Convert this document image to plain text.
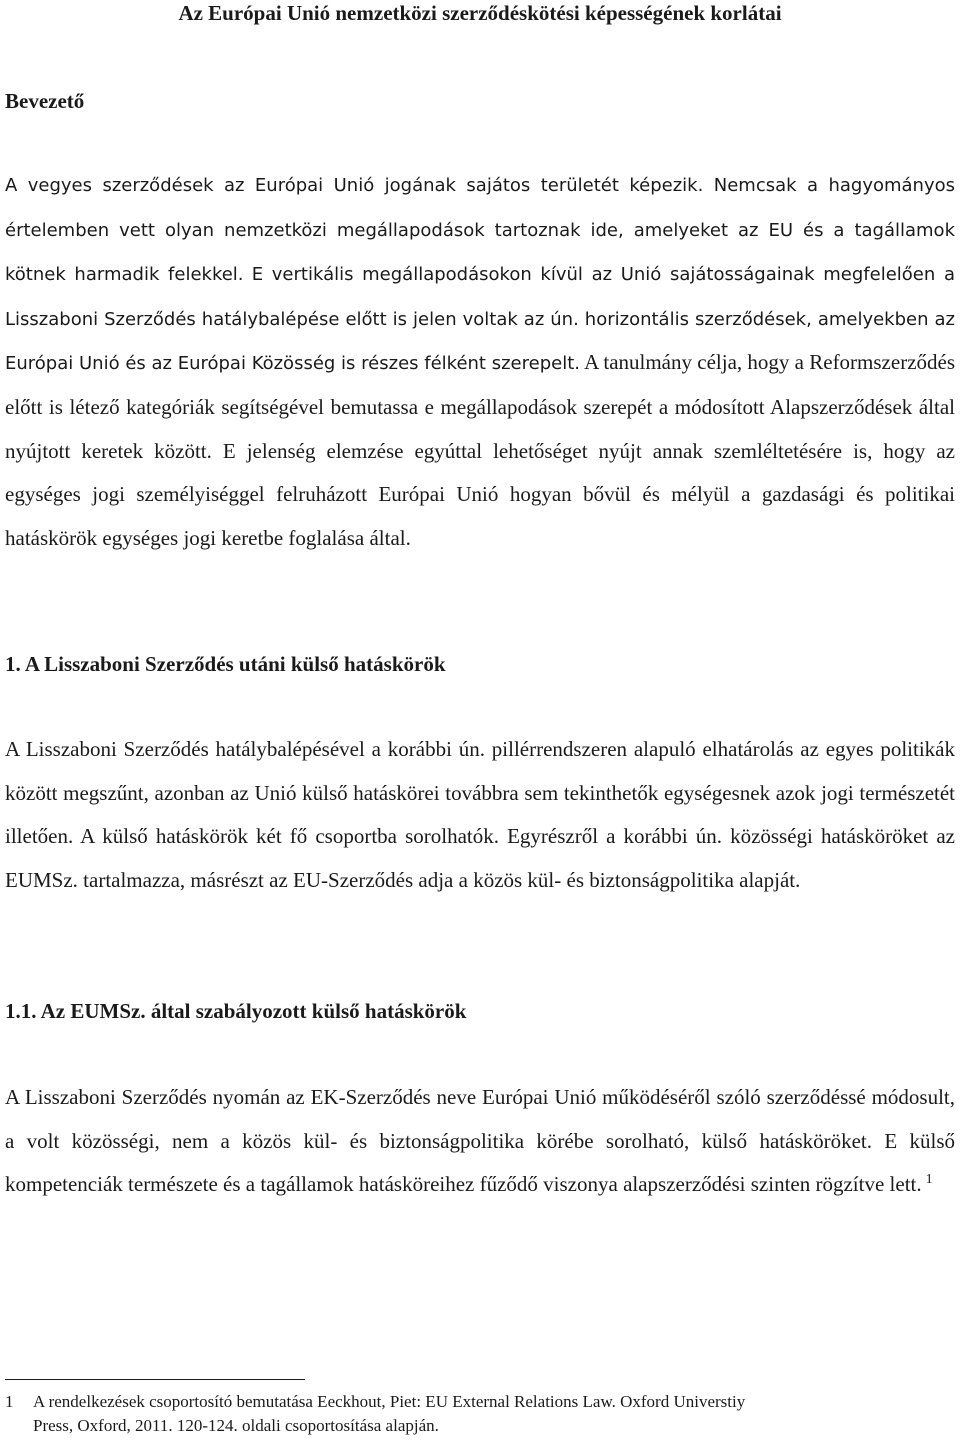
Az Európai Unió nemzetközi szerződéskötési képességének korlátai
Bevezető

A vegyes szerződések az Európai Unió jogának sajátos területét képezik. Nemcsak a hagyományos értelemben vett olyan nemzetközi megállapodások tartoznak ide, amelyeket az EU és a tagállamok kötnek harmadik felekkel. E vertikális megállapodásokon kívül az Unió sajátosságainak megfelelően a Lisszaboni Szerződés hatálybalépése előtt is jelen voltak az ún. horizontális szerződések, amelyekben az Európai Unió és az Európai Közösség is részes félként szerepelt. A tanulmány célja, hogy a Reformszerződés előtt is létező kategóriák segítségével bemutassa e megállapodások szerepét a módosított Alapszerződések által nyújtott keretek között. E jelenség elemzése egyúttal lehetőséget nyújt annak szemléltetésére is, hogy az egységes jogi személyiséggel felruházott Európai Unió hogyan bővül és mélyül a gazdasági és politikai hatáskörök egységes jogi keretbe foglalása által.

1. A Lisszaboni Szerződés utáni külső hatáskörök

A Lisszaboni Szerződés hatálybalépésével a korábbi ún. pillérrendszeren alapuló elhatárolás az egyes politikák között megszűnt, azonban az Unió külső hatáskörei továbbra sem tekinthetők egységesnek azok jogi természetét illetően. A külső hatáskörök két fő csoportba sorolhatók. Egyrészről a korábbi ún. közösségi hatásköröket az EUMSz. tartalmazza, másrészt az EU-Szerződés adja a közös kül- és biztonságpolitika alapját.

1.1. Az EUMSz. által szabályozott külső hatáskörök

A Lisszaboni Szerződés nyomán az EK-Szerződés neve Európai Unió működéséről szóló szerződéssé módosult, a volt közösségi, nem a közös kül- és biztonságpolitika körébe sorolható, külső hatásköröket. E külső kompetenciák természete és a tagállamok hatásköreihez fűződő viszonya alapszerződési szinten rögzítve lett. $^1$

1 A rendelkezések csoportosító bemutatása Eeckhout, Piet: EU External Relations Law. Oxford Universtiy
Press, Oxford, 2011. 120-124. oldali csoportosítása alapján.
